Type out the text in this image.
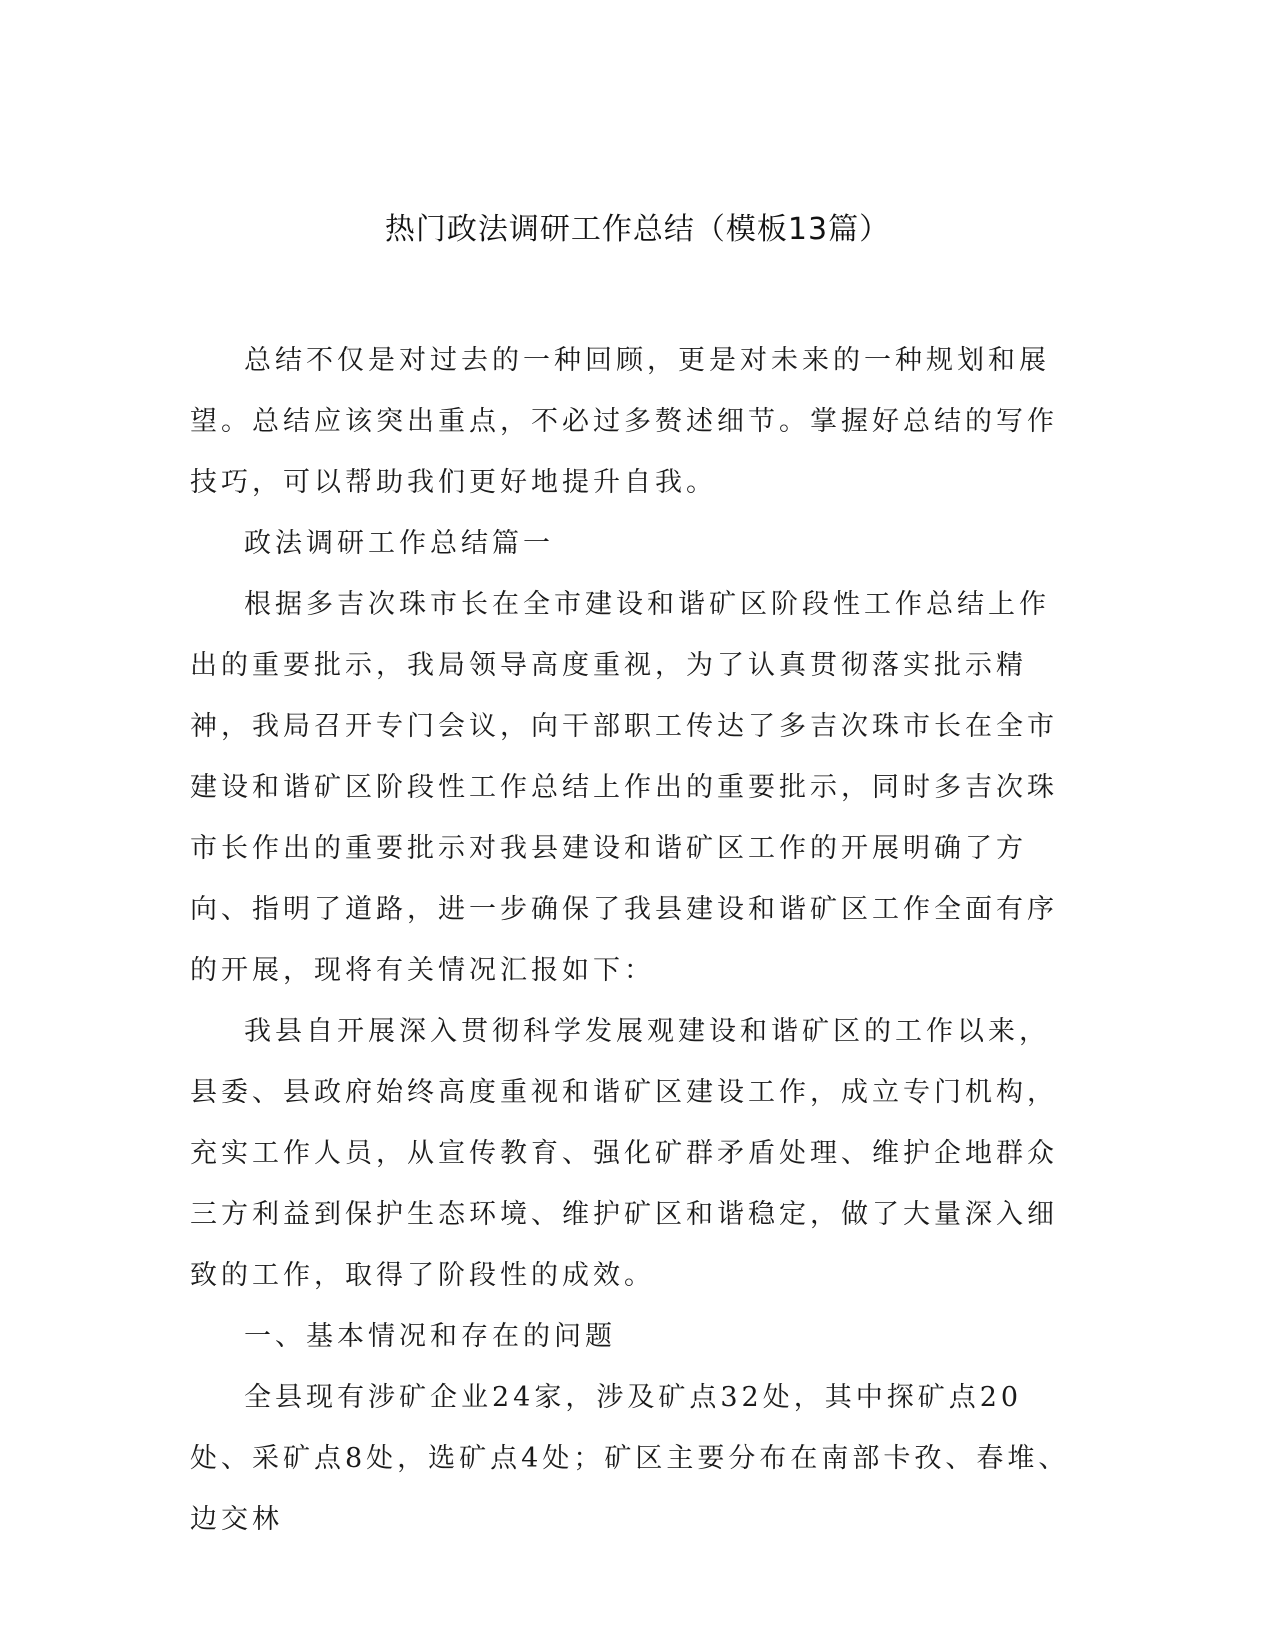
热门政法调研工作总结（模板13篇）

总结不仅是对过去的一种回顾，更是对未来的一种规划和展望。总结应该突出重点，不必过多赘述细节。掌握好总结的写作技巧，可以帮助我们更好地提升自我。

政法调研工作总结篇一

根据多吉次珠市长在全市建设和谐矿区阶段性工作总结上作出的重要批示，我局领导高度重视，为了认真贯彻落实批示精神，我局召开专门会议，向干部职工传达了多吉次珠市长在全市建设和谐矿区阶段性工作总结上作出的重要批示，同时多吉次珠市长作出的重要批示对我县建设和谐矿区工作的开展明确了方向、指明了道路，进一步确保了我县建设和谐矿区工作全面有序的开展，现将有关情况汇报如下：

我县自开展深入贯彻科学发展观建设和谐矿区的工作以来，县委、县政府始终高度重视和谐矿区建设工作，成立专门机构，充实工作人员，从宣传教育、强化矿群矛盾处理、维护企地群众三方利益到保护生态环境、维护矿区和谐稳定，做了大量深入细致的工作，取得了阶段性的成效。

一、基本情况和存在的问题

全县现有涉矿企业24家，涉及矿点32处，其中探矿点20处、采矿点8处，选矿点4处；矿区主要分布在南部卡孜、春堆、边交林
